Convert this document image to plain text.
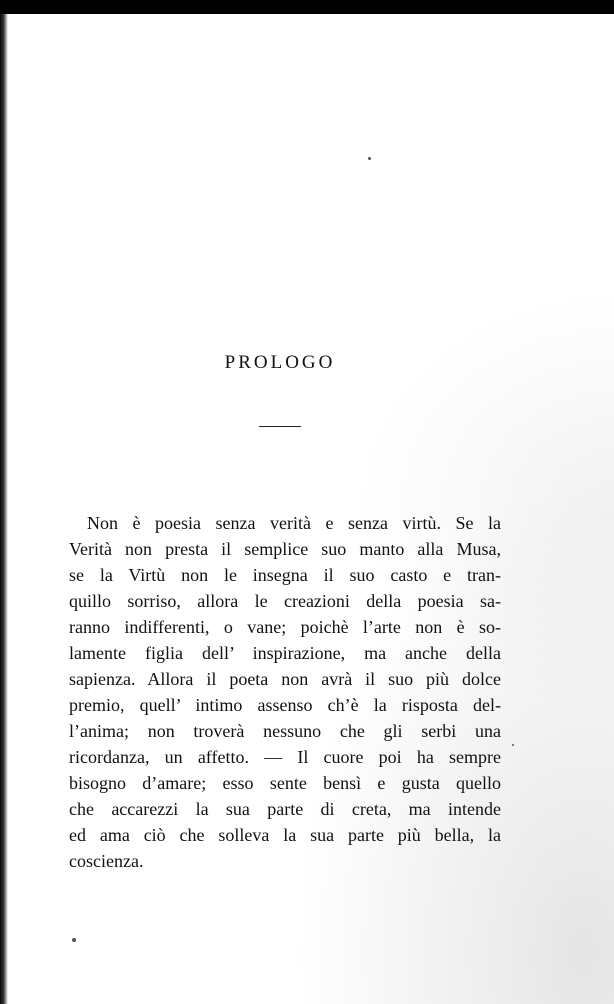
PROLOGO
Non è poesia senza verità e senza virtù. Se la
Verità non presta il semplice suo manto alla Musa,
se la Virtù non le insegna il suo casto e tran-
quillo sorriso, allora le creazioni della poesia sa-
ranno indifferenti, o vane; poichè l’arte non è so-
lamente figlia dell’ inspirazione, ma anche della
sapienza. Allora il poeta non avrà il suo più dolce
premio, quell’ intimo assenso ch’è la risposta del-
l’anima; non troverà nessuno che gli serbi una
ricordanza, un affetto. — Il cuore poi ha sempre
bisogno d’amare; esso sente bensì e gusta quello
che accarezzi la sua parte di creta, ma intende
ed ama ciò che solleva la sua parte più bella, la
coscienza.
